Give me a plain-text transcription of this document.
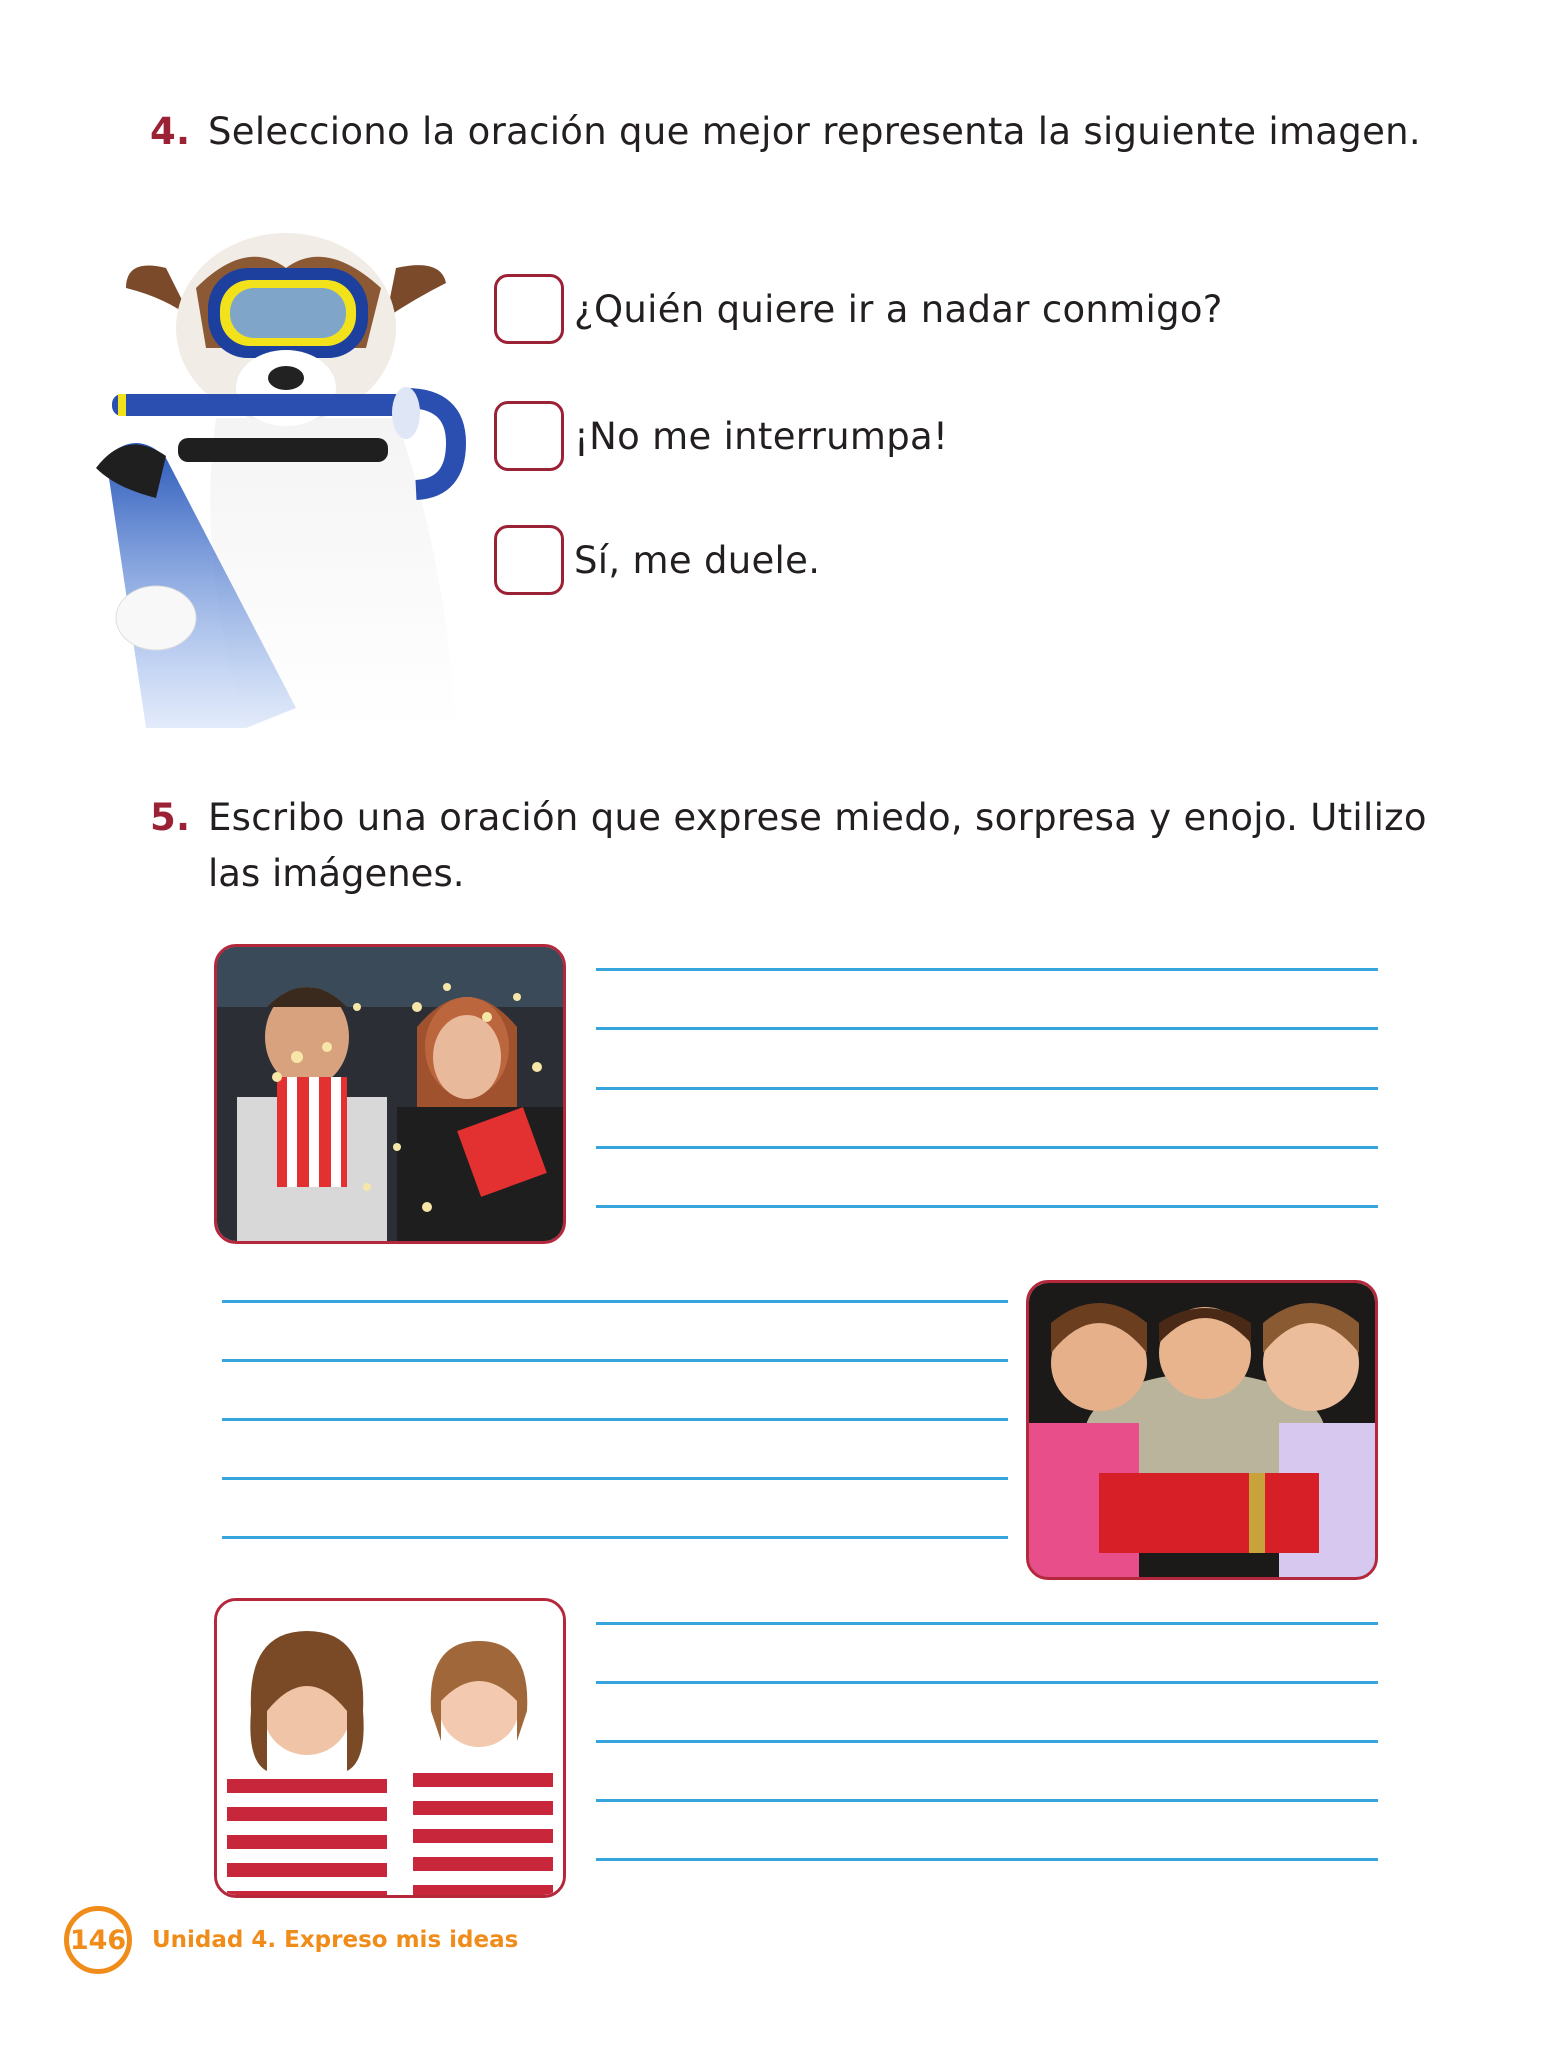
4. Selecciono la oración que mejor representa la siguiente imagen.
¿Quién quiere ir a nadar conmigo?
¡No me interrumpa!
Sí, me duele.
5. Escribo una oración que exprese miedo, sorpresa y enojo. Utilizo
las imágenes.
146 Unidad 4. Expreso mis ideas
